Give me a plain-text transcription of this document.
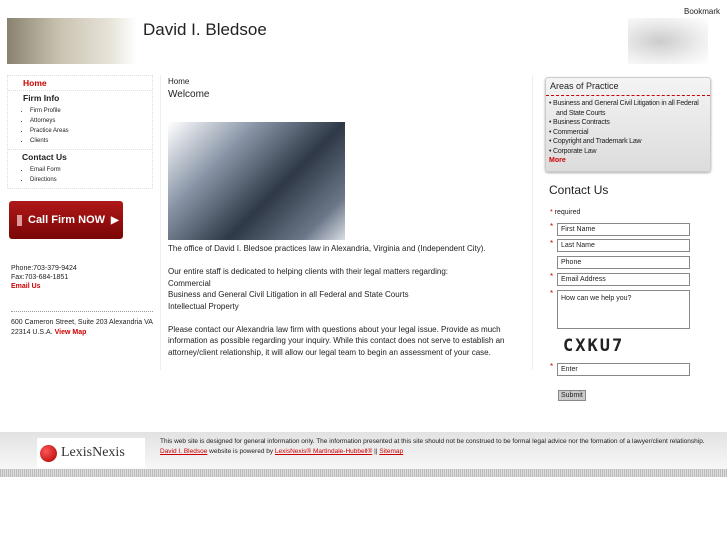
Bookmark
David I. Bledsoe
Home
Firm Info
• Firm Profile
• Attorneys
• Practice Areas
• Clients
Contact Us
• Email Form
• Directions
Call Firm NOW ▶
Phone:703-379-9424
Fax:703-684-1851
Email Us
600 Cameron Street, Suite 203 Alexandria VA 22314 U.S.A. View Map
Home
Welcome
The office of David I. Bledsoe practices law in Alexandria, Virginia and (Independent City).

Our entire staff is dedicated to helping clients with their legal matters regarding:
Commercial
Business and General Civil Litigation in all Federal and State Courts
Intellectual Property

Please contact our Alexandria law firm with questions about your legal issue. Provide as much information as possible regarding your inquiry. While this contact does not serve to establish an attorney/client relationship, it will allow our legal team to begin an assessment of your case.
Areas of Practice
• Business and General Civil Litigation in all Federal
and State Courts
• Business Contracts
• Commercial
• Copyright and Trademark Law
• Corporate Law
More
Contact Us
* required
*	First Name
*	Last Name
Phone
*	Email Address
*
How can we help you?
CXKU7
*	Enter
Submit
LexisNexis
This web site is designed for general information only. The information presented at this site should not be construed to be formal legal advice nor the formation of a lawyer/client relationship. David I. Bledsoe website is powered by LexisNexis® Martindale-Hubbell® || Sitemap
